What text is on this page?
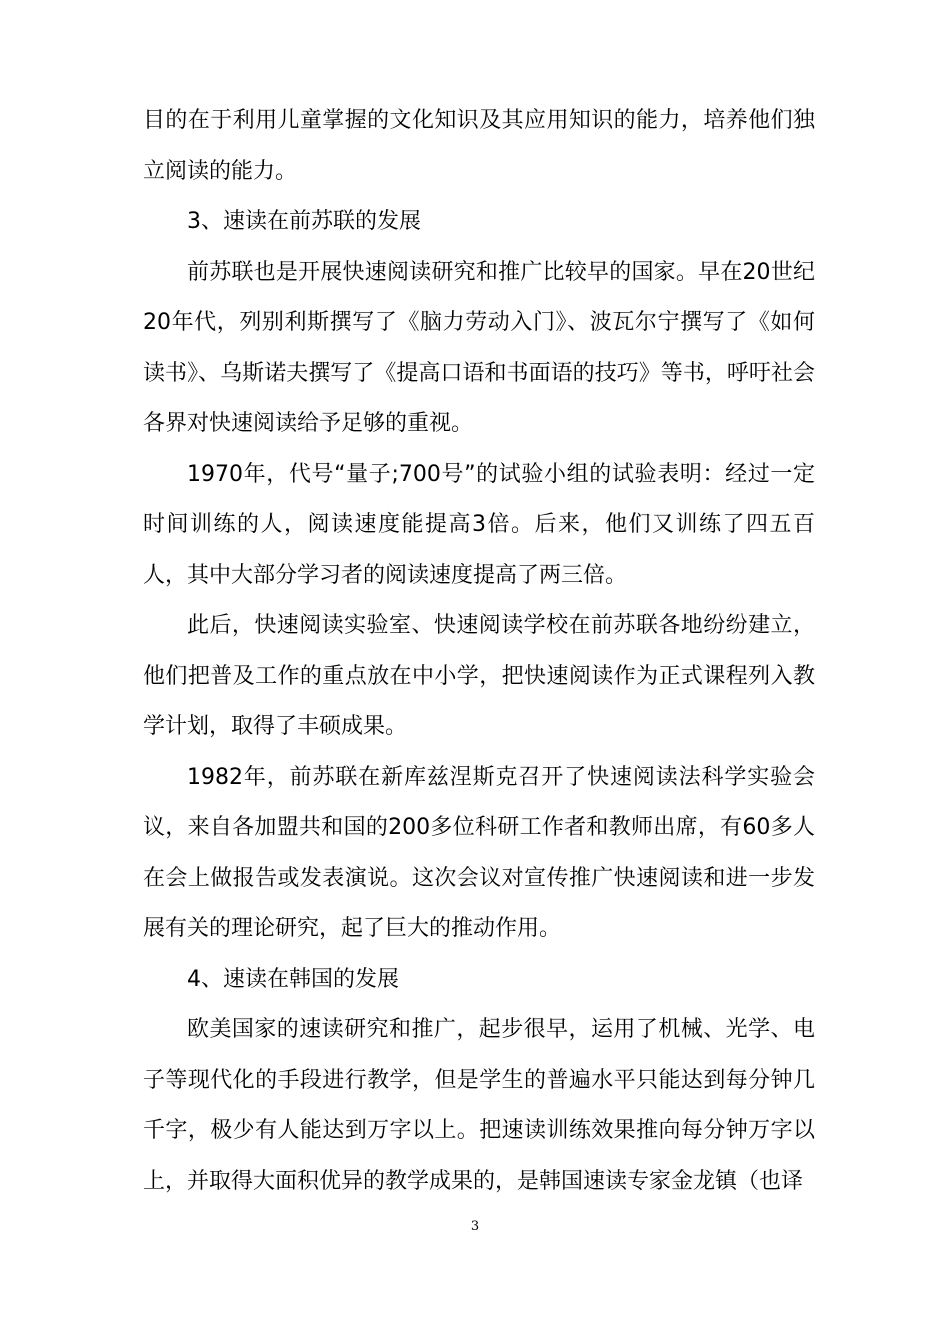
目的在于利用儿童掌握的文化知识及其应用知识的能力，培养他们独立阅读的能力。

3、速读在前苏联的发展

前苏联也是开展快速阅读研究和推广比较早的国家。早在20世纪20年代，列别利斯撰写了《脑力劳动入门》、波瓦尔宁撰写了《如何读书》、乌斯诺夫撰写了《提高口语和书面语的技巧》等书，呼吁社会各界对快速阅读给予足够的重视。

1970年，代号“量子;700号”的试验小组的试验表明：经过一定时间训练的人，阅读速度能提高3倍。后来，他们又训练了四五百人，其中大部分学习者的阅读速度提高了两三倍。

此后，快速阅读实验室、快速阅读学校在前苏联各地纷纷建立，他们把普及工作的重点放在中小学，把快速阅读作为正式课程列入教学计划，取得了丰硕成果。

1982年，前苏联在新库兹涅斯克召开了快速阅读法科学实验会议，来自各加盟共和国的200多位科研工作者和教师出席，有60多人在会上做报告或发表演说。这次会议对宣传推广快速阅读和进一步发展有关的理论研究，起了巨大的推动作用。

4、速读在韩国的发展

欧美国家的速读研究和推广，起步很早，运用了机械、光学、电子等现代化的手段进行教学，但是学生的普遍水平只能达到每分钟几千字，极少有人能达到万字以上。把速读训练效果推向每分钟万字以上，并取得大面积优异的教学成果的，是韩国速读专家金龙镇（也译

3
